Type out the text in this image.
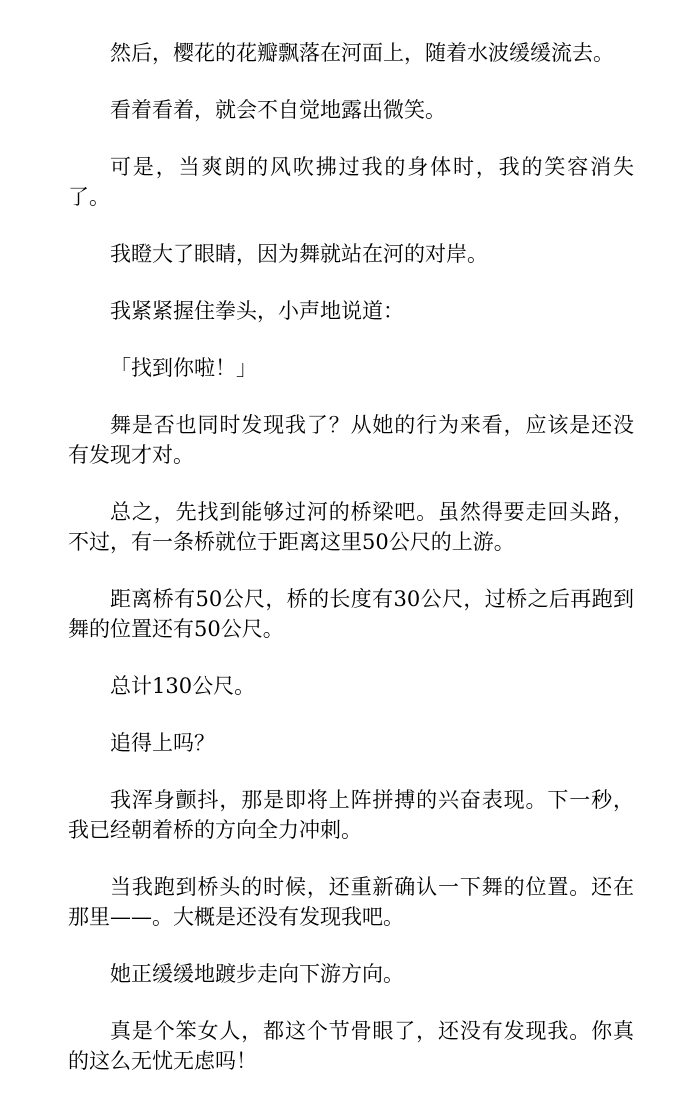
然后，樱花的花瓣飘落在河面上，随着水波缓缓流去。

看着看着，就会不自觉地露出微笑。

可是，当爽朗的风吹拂过我的身体时，我的笑容消失了。

我瞪大了眼睛，因为舞就站在河的对岸。

我紧紧握住拳头，小声地说道：

「找到你啦！」

舞是否也同时发现我了？从她的行为来看，应该是还没有发现才对。

总之，先找到能够过河的桥梁吧。虽然得要走回头路，不过，有一条桥就位于距离这里50公尺的上游。

距离桥有50公尺，桥的长度有30公尺，过桥之后再跑到舞的位置还有50公尺。

总计130公尺。

追得上吗？

我浑身颤抖，那是即将上阵拼搏的兴奋表现。下一秒，我已经朝着桥的方向全力冲刺。

当我跑到桥头的时候，还重新确认一下舞的位置。还在那里——。大概是还没有发现我吧。

她正缓缓地踱步走向下游方向。

真是个笨女人，都这个节骨眼了，还没有发现我。你真的这么无忧无虑吗！
